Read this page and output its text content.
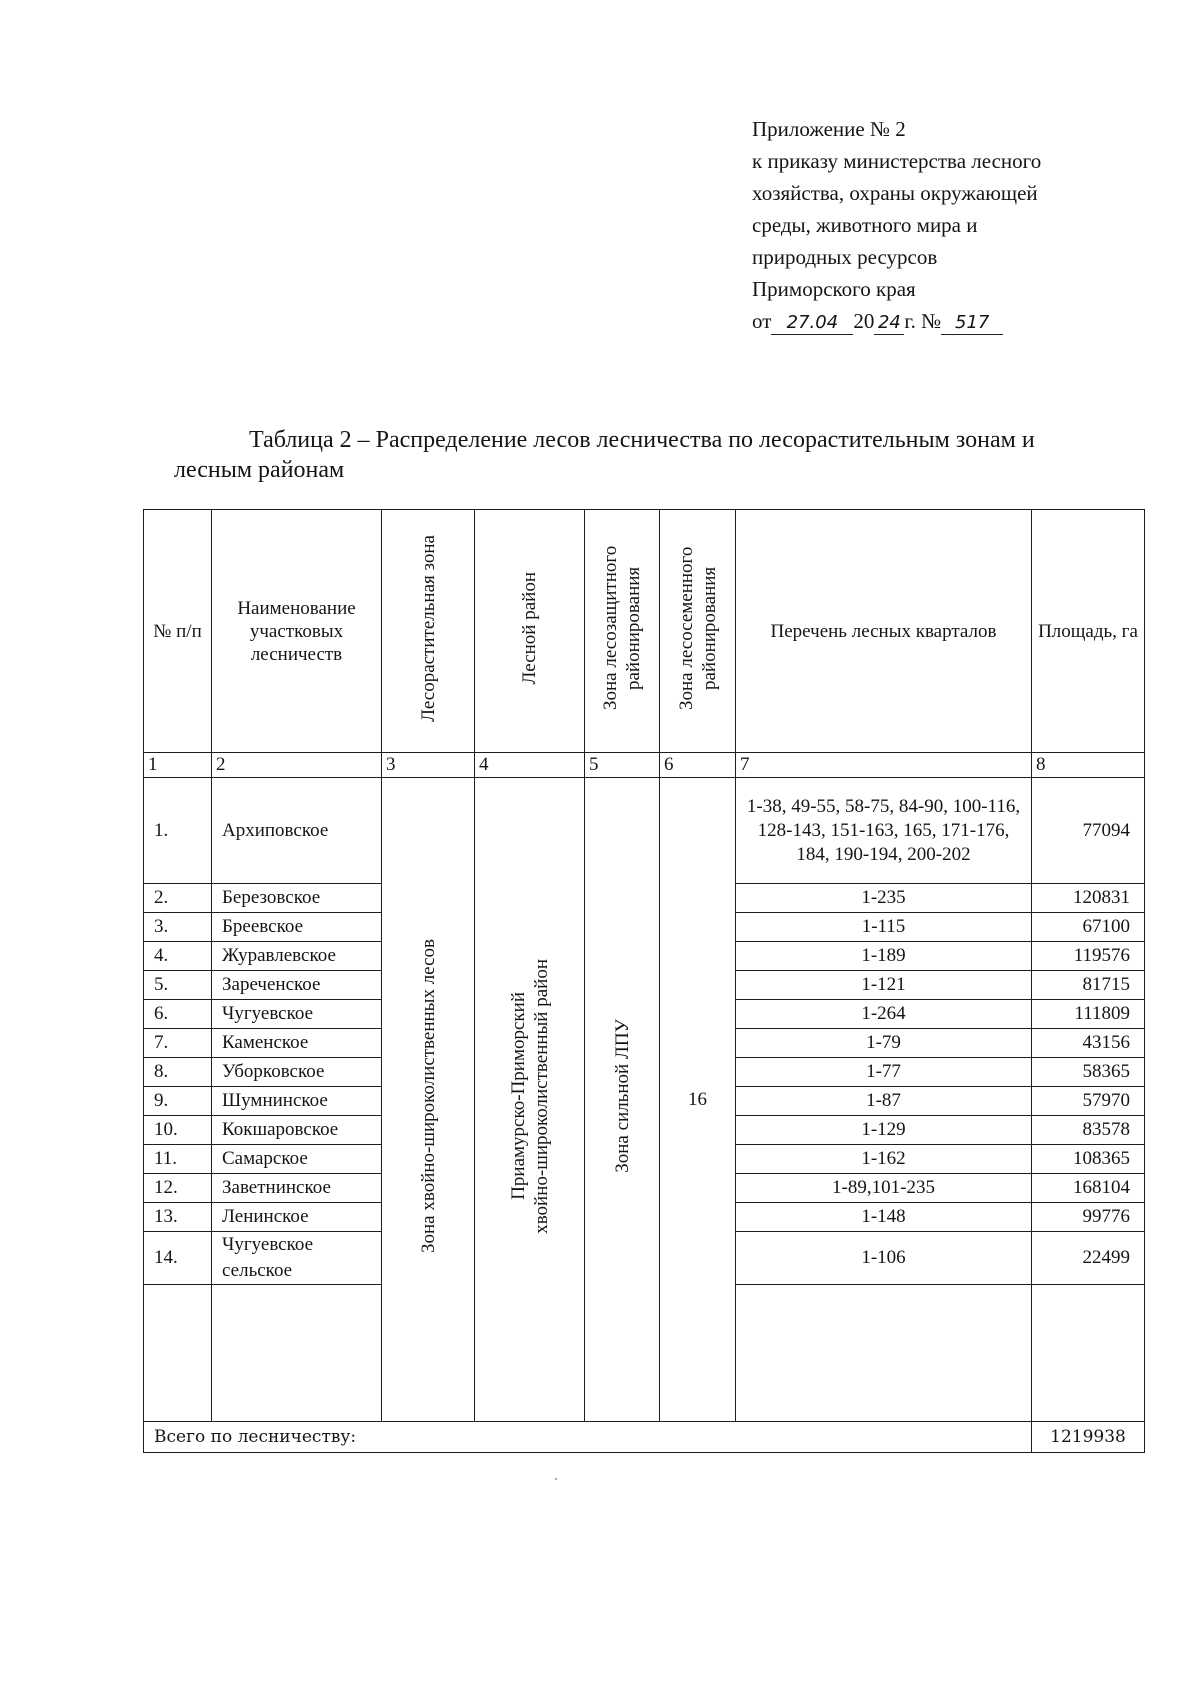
Приложение № 2
к приказу министерства лесного
хозяйства, охраны окружающей
среды, животного мира и
природных ресурсов
Приморского края
от 27.04 20 24 г. № 517
Таблица 2 – Распределение лесов лесничества по лесорастительным зонам и
лесным районам
№ п/п	Наименование участковых лесничеств	Лесорастительная зона	Лесной район	Зона лесозащитного районирования	Зона лесосеменного районирования	Перечень лесных кварталов	Площадь, га
1	2	3	4	5	6	7	8
1.	Архиповское	Зона хвойно-широколиственных лесов	Приамурско-Приморский хвойно-широколиственный район	Зона сильной ЛПУ	16	1-38, 49-55, 58-75, 84-90, 100-116, 128-143, 151-163, 165, 171-176, 184, 190-194, 200-202	77094
2.	Березовское					1-235	120831
3.	Бреевское					1-115	67100
4.	Журавлевское					1-189	119576
5.	Зареченское					1-121	81715
6.	Чугуевское					1-264	111809
7.	Каменское					1-79	43156
8.	Уборковское					1-77	58365
9.	Шумнинское					1-87	57970
10.	Кокшаровское					1-129	83578
11.	Самарское					1-162	108365
12.	Заветнинское					1-89,101-235	168104
13.	Ленинское					1-148	99776
14.	Чугуевское сельское					1-106	22499

Всего по лесничеству:							1219938
